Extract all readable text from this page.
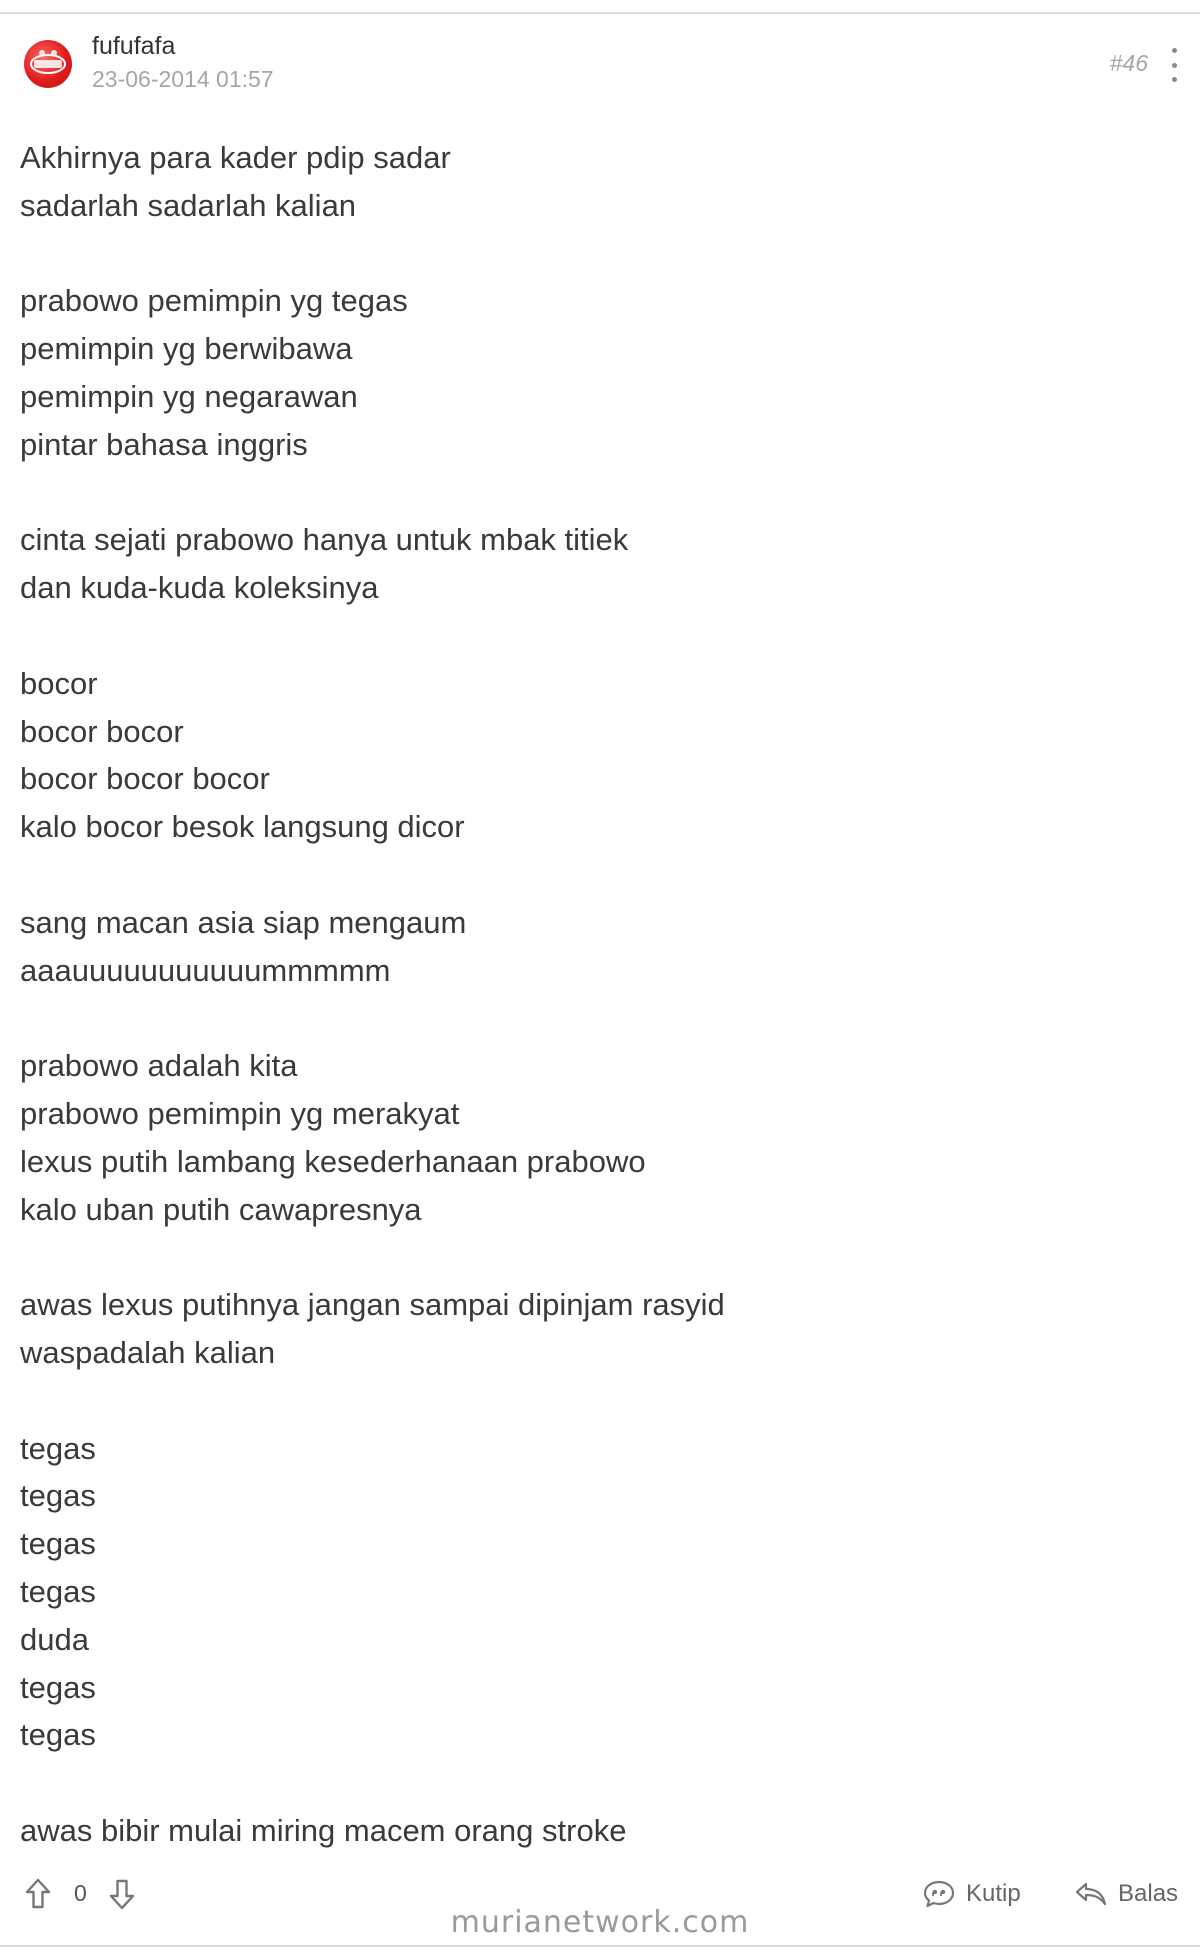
fufufafa
23-06-2014 01:57
#46
Akhirnya para kader pdip sadar
sadarlah sadarlah kalian
prabowo pemimpin yg tegas
pemimpin yg berwibawa
pemimpin yg negarawan
pintar bahasa inggris
cinta sejati prabowo hanya untuk mbak titiek
dan kuda-kuda koleksinya
bocor
bocor bocor
bocor bocor bocor
kalo bocor besok langsung dicor
sang macan asia siap mengaum
aaauuuuuuuuuuummmmm
prabowo adalah kita
prabowo pemimpin yg merakyat
lexus putih lambang kesederhanaan prabowo
kalo uban putih cawapresnya
awas lexus putihnya jangan sampai dipinjam rasyid
waspadalah kalian
tegas
tegas
tegas
tegas
duda
tegas
tegas
awas bibir mulai miring macem orang stroke
0	Kutip	Balas
murianetwork.com
